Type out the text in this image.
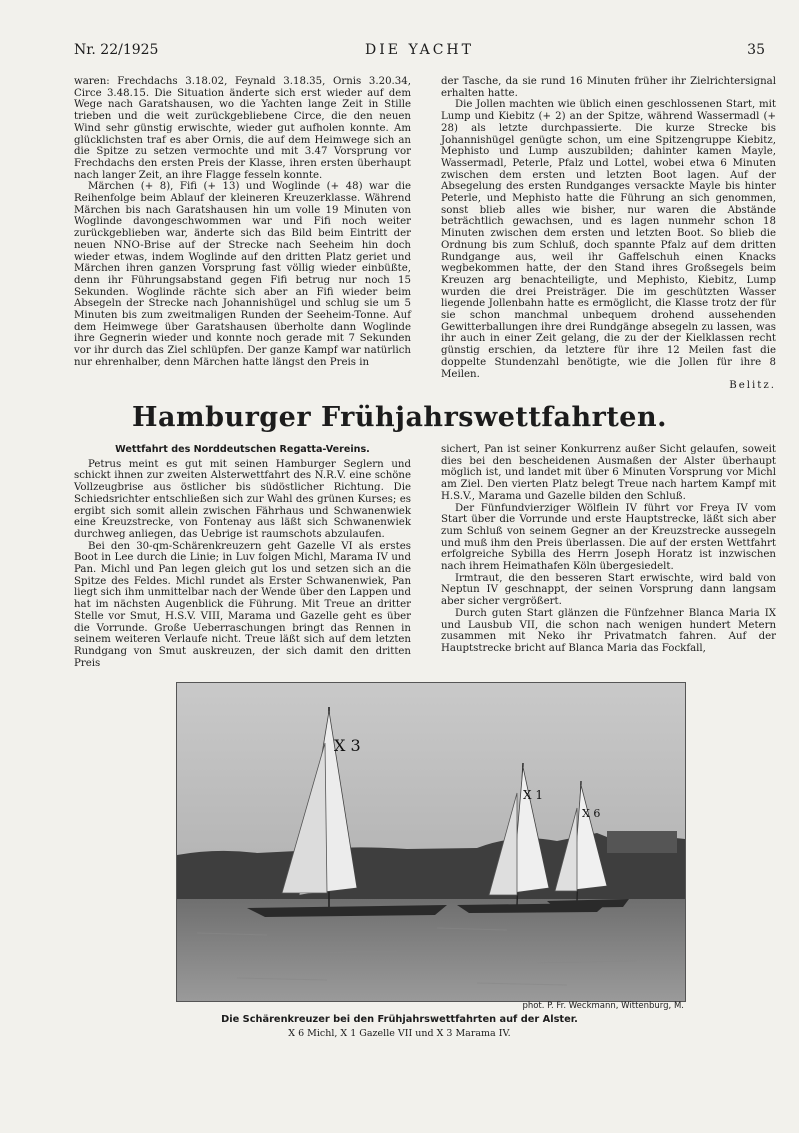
Nr. 22/1925	DIE YACHT	35

waren: Frechdachs 3.18.02, Feynald 3.18.35, Ornis 3.20.34, Circe 3.48.15. Die Situation änderte sich erst wieder auf dem Wege nach Garatshausen, wo die Yachten lange Zeit in Stille trieben und die weit zurückgebliebene Circe, die den neuen Wind sehr günstig erwischte, wieder gut aufholen konnte. Am glücklichsten traf es aber Ornis, die auf dem Heimwege sich an die Spitze zu setzen vermochte und mit 3.47 Vorsprung vor Frechdachs den ersten Preis der Klasse, ihren ersten überhaupt nach langer Zeit, an ihre Flagge fesseln konnte.

Märchen (+ 8), Fifi (+ 13) und Woglinde (+ 48) war die Reihenfolge beim Ablauf der kleineren Kreuzerklasse. Während Märchen bis nach Garatshausen hin um volle 19 Minuten von Woglinde davongeschwommen war und Fifi noch weiter zurückgeblieben war, änderte sich das Bild beim Eintritt der neuen NNO-Brise auf der Strecke nach Seeheim hin doch wieder etwas, indem Woglinde auf den dritten Platz geriet und Märchen ihren ganzen Vorsprung fast völlig wieder einbüßte, denn ihr Führungsabstand gegen Fifi betrug nur noch 15 Sekunden. Woglinde rächte sich aber an Fifi wieder beim Absegeln der Strecke nach Johannishügel und schlug sie um 5 Minuten bis zum zweitmaligen Runden der Seeheim-Tonne. Auf dem Heimwege über Garatshausen überholte dann Woglinde ihre Gegnerin wieder und konnte noch gerade mit 7 Sekunden vor ihr durch das Ziel schlüpfen. Der ganze Kampf war natürlich nur ehrenhalber, denn Märchen hatte längst den Preis in

der Tasche, da sie rund 16 Minuten früher ihr Zielrichtersignal erhalten hatte.

Die Jollen machten wie üblich einen geschlossenen Start, mit Lump und Kiebitz (+ 2) an der Spitze, während Wassermadl (+ 28) als letzte durchpassierte. Die kurze Strecke bis Johannishügel genügte schon, um eine Spitzengruppe Kiebitz, Mephisto und Lump auszubilden; dahinter kamen Mayle, Wassermadl, Peterle, Pfalz und Lottel, wobei etwa 6 Minuten zwischen dem ersten und letzten Boot lagen. Auf der Absegelung des ersten Rundganges versackte Mayle bis hinter Peterle, und Mephisto hatte die Führung an sich genommen, sonst blieb alles wie bisher, nur waren die Abstände beträchtlich gewachsen, und es lagen nunmehr schon 18 Minuten zwischen dem ersten und letzten Boot. So blieb die Ordnung bis zum Schluß, doch spannte Pfalz auf dem dritten Rundgange aus, weil ihr Gaffelschuh einen Knacks wegbekommen hatte, der den Stand ihres Großsegels beim Kreuzen arg benachteiligte, und Mephisto, Kiebitz, Lump wurden die drei Preisträger. Die im geschützten Wasser liegende Jollenbahn hatte es ermöglicht, die Klasse trotz der für sie schon manchmal unbequem drohend aussehenden Gewitterballungen ihre drei Rundgänge absegeln zu lassen, was ihr auch in einer Zeit gelang, die zu der der Kielklassen recht günstig erschien, da letztere für ihre 12 Meilen fast die doppelte Stundenzahl benötigte, wie die Jollen für ihre 8 Meilen.

Belitz.
Hamburger Frühjahrswettfahrten.
Wettfahrt des Norddeutschen Regatta-Vereins.

Petrus meint es gut mit seinen Hamburger Seglern und schickt ihnen zur zweiten Alsterwettfahrt des N.R.V. eine schöne Vollzeugbrise aus östlicher bis südöstlicher Richtung. Die Schiedsrichter entschließen sich zur Wahl des grünen Kurses; es ergibt sich somit allein zwischen Fährhaus und Schwanenwiek eine Kreuzstrecke, von Fontenay aus läßt sich Schwanenwiek durchweg anliegen, das Uebrige ist raumschots abzulaufen.

Bei den 30-qm-Schärenkreuzern geht Gazelle VI als erstes Boot in Lee durch die Linie; in Luv folgen Michl, Marama IV und Pan. Michl und Pan legen gleich gut los und setzen sich an die Spitze des Feldes. Michl rundet als Erster Schwanenwiek, Pan liegt sich ihm unmittelbar nach der Wende über den Lappen und hat im nächsten Augenblick die Führung. Mit Treue an dritter Stelle vor Smut, H.S.V. VIII, Marama und Gazelle geht es über die Vorrunde. Große Ueberraschungen bringt das Rennen in seinem weiteren Verlaufe nicht. Treue läßt sich auf dem letzten Rundgang von Smut auskreuzen, der sich damit den dritten Preis

sichert, Pan ist seiner Konkurrenz außer Sicht gelaufen, soweit dies bei den bescheidenen Ausmaßen der Alster überhaupt möglich ist, und landet mit über 6 Minuten Vorsprung vor Michl am Ziel. Den vierten Platz belegt Treue nach hartem Kampf mit H.S.V., Marama und Gazelle bilden den Schluß.

Der Fünfundvierziger Wölflein IV führt vor Freya IV vom Start über die Vorrunde und erste Hauptstrecke, läßt sich aber zum Schluß von seinem Gegner an der Kreuzstrecke aussegeln und muß ihm den Preis überlassen. Die auf der ersten Wettfahrt erfolgreiche Sybilla des Herrn Joseph Horatz ist inzwischen nach ihrem Heimathafen Köln übergesiedelt.

Irmtraut, die den besseren Start erwischte, wird bald von Neptun IV geschnappt, der seinen Vorsprung dann langsam aber sicher vergrößert.

Durch guten Start glänzen die Fünfzehner Blanca Maria IX und Lausbub VII, die schon nach wenigen hundert Metern zusammen mit Neko ihr Privatmatch fahren. Auf der Hauptstrecke bricht auf Blanca Maria das Fockfall,

X 3
X 1
X 6
phot. P. Fr. Weckmann, Wittenburg, M.
Die Schärenkreuzer bei den Frühjahrswettfahrten auf der Alster.
X 6 Michl, X 1 Gazelle VII und X 3 Marama IV.
